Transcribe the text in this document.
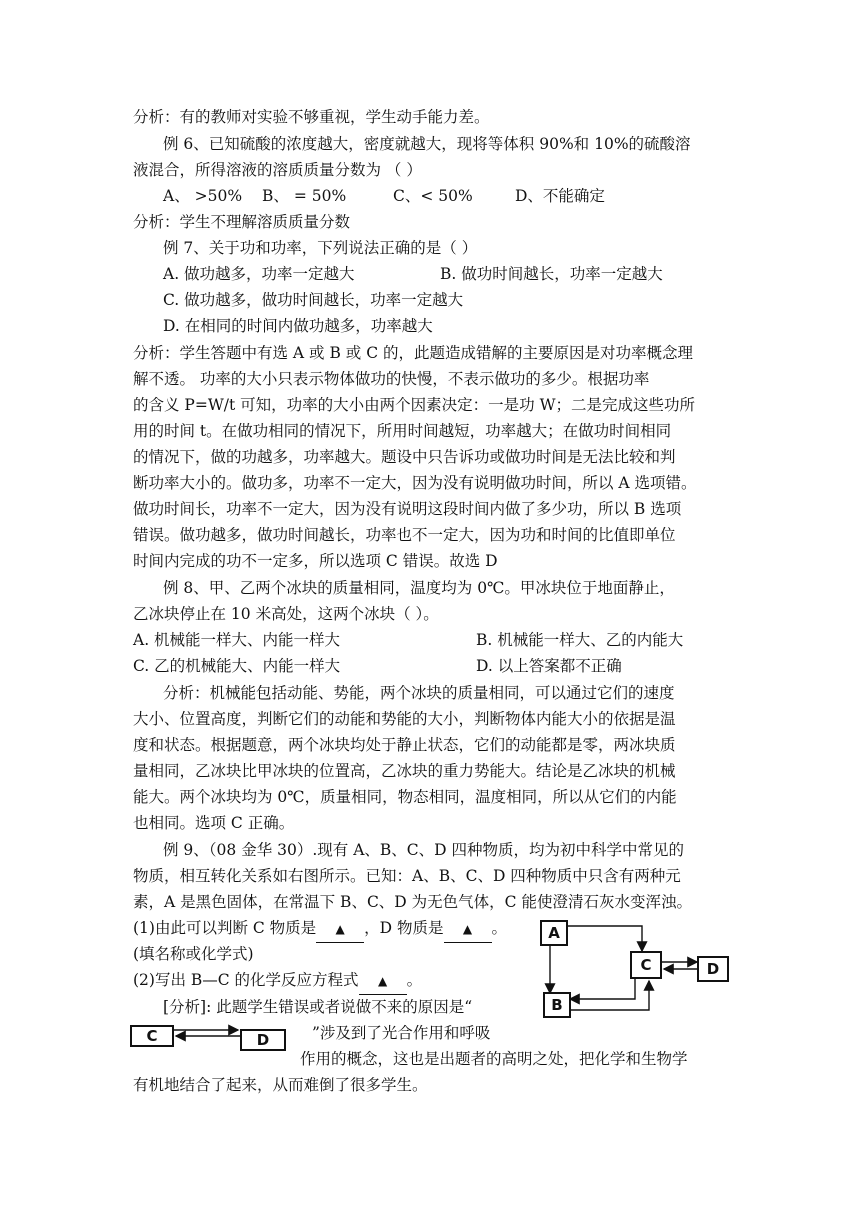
分析：有的教师对实验不够重视，学生动手能力差。
例 6、已知硫酸的浓度越大，密度就越大，现将等体积 90%和 10%的硫酸溶
液混合，所得溶液的溶质质量分数为 （ ）
A、 >50% B、 = 50%	C、< 50%	D、不能确定
分析：学生不理解溶质质量分数
例 7、关于功和功率，下列说法正确的是（ ）
A. 做功越多，功率一定越大	B. 做功时间越长，功率一定越大
C. 做功越多，做功时间越长，功率一定越大
D. 在相同的时间内做功越多，功率越大
分析：学生答题中有选 A 或 B 或 C 的，此题造成错解的主要原因是对功率概念理
解不透。 功率的大小只表示物体做功的快慢，不表示做功的多少。根据功率
的含义 P=W/t 可知，功率的大小由两个因素决定：一是功 W；二是完成这些功所
用的时间 t。在做功相同的情况下，所用时间越短，功率越大；在做功时间相同
的情况下，做的功越多，功率越大。题设中只告诉功或做功时间是无法比较和判
断功率大小的。做功多，功率不一定大，因为没有说明做功时间，所以 A 选项错。
做功时间长，功率不一定大，因为没有说明这段时间内做了多少功，所以 B 选项
错误。做功越多，做功时间越长，功率也不一定大，因为功和时间的比值即单位
时间内完成的功不一定多，所以选项 C 错误。故选 D
例 8、甲、乙两个冰块的质量相同，温度均为 0℃。甲冰块位于地面静止，
乙冰块停止在 10 米高处，这两个冰块（ ）。
A. 机械能一样大、内能一样大	B. 机械能一样大、乙的内能大
C. 乙的机械能大、内能一样大	D. 以上答案都不正确
分析：机械能包括动能、势能，两个冰块的质量相同，可以通过它们的速度
大小、位置高度，判断它们的动能和势能的大小，判断物体内能大小的依据是温
度和状态。根据题意，两个冰块均处于静止状态，它们的动能都是零，两冰块质
量相同，乙冰块比甲冰块的位置高，乙冰块的重力势能大。结论是乙冰块的机械
能大。两个冰块均为 0℃，质量相同，物态相同，温度相同，所以从它们的内能
也相同。选项 C 正确。
例 9、（08 金华 30）.现有 A、B、C、D 四种物质，均为初中科学中常见的
物质，相互转化关系如右图所示。已知：A、B、C、D 四种物质中只含有两种元
素，A 是黑色固体，在常温下 B、C、D 为无色气体，C 能使澄清石灰水变浑浊。
(1)由此可以判断 C 物质是 ▲ ，D 物质是 ▲ 。
(填名称或化学式)
(2)写出 B—C 的化学反应方程式 ▲ 。
[分析]: 此题学生错误或者说做不来的原因是“
”涉及到了光合作用和呼吸
作用的概念，这也是出题者的高明之处，把化学和生物学
有机地结合了起来，从而难倒了很多学生。
A
C	D
B
C	D
